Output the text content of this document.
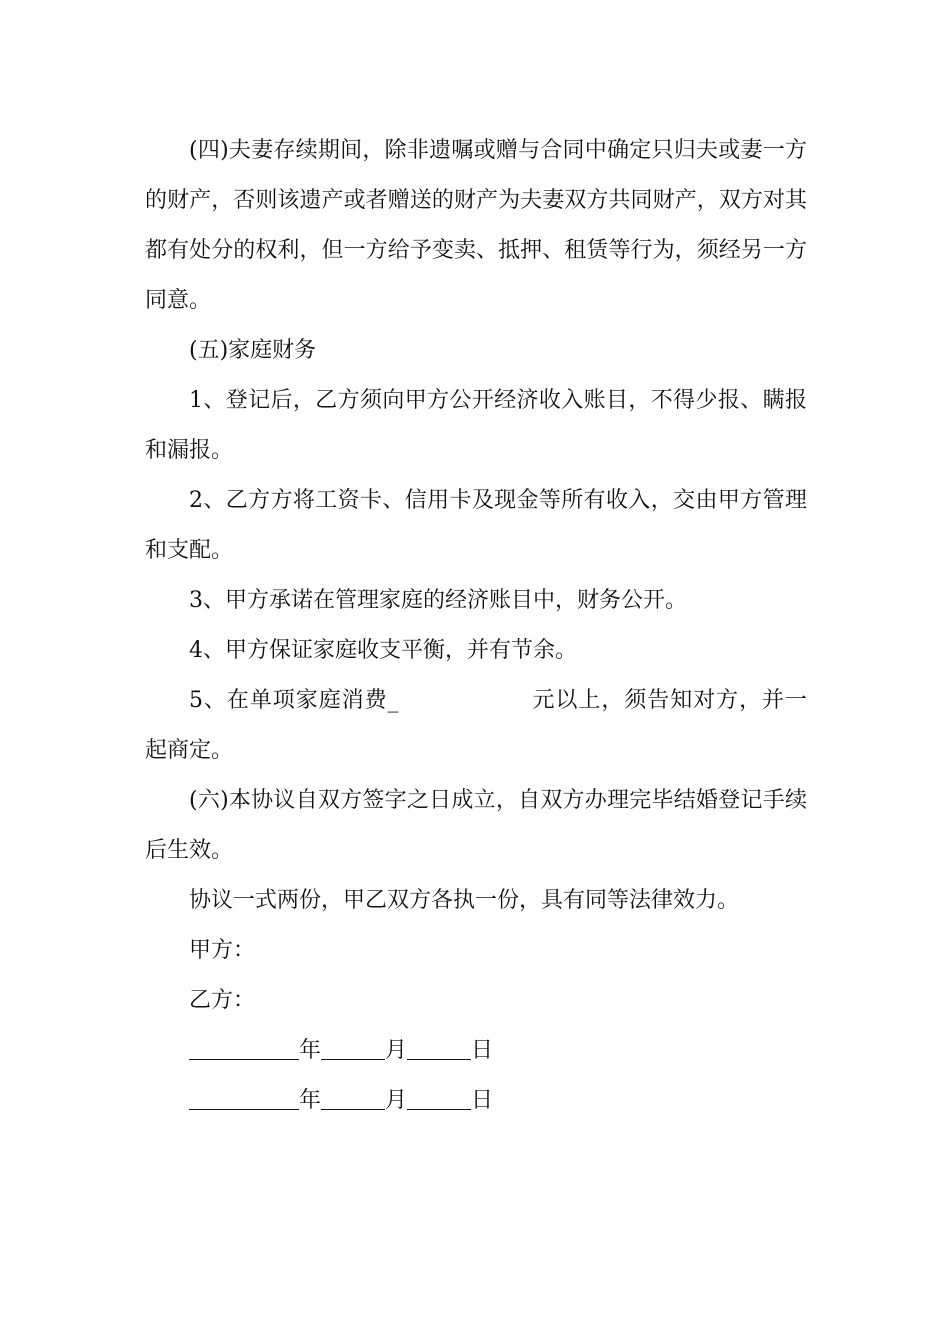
(四)夫妻存续期间，除非遗嘱或赠与合同中确定只归夫或妻一方的财产，否则该遗产或者赠送的财产为夫妻双方共同财产，双方对其都有处分的权利，但一方给予变卖、抵押、租赁等行为，须经另一方同意。

(五)家庭财务

1、登记后，乙方须向甲方公开经济收入账目，不得少报、瞒报和漏报。

2、乙方方将工资卡、信用卡及现金等所有收入，交由甲方管理和支配。

3、甲方承诺在管理家庭的经济账目中，财务公开。

4、甲方保证家庭收支平衡，并有节余。

5、在单项家庭消费_	元以上，须告知对方，并一起商定。

(六)本协议自双方签字之日成立，自双方办理完毕结婚登记手续后生效。

协议一式两份，甲乙双方各执一份，具有同等法律效力。

甲方：

乙方：

年	月	日

年	月	日
